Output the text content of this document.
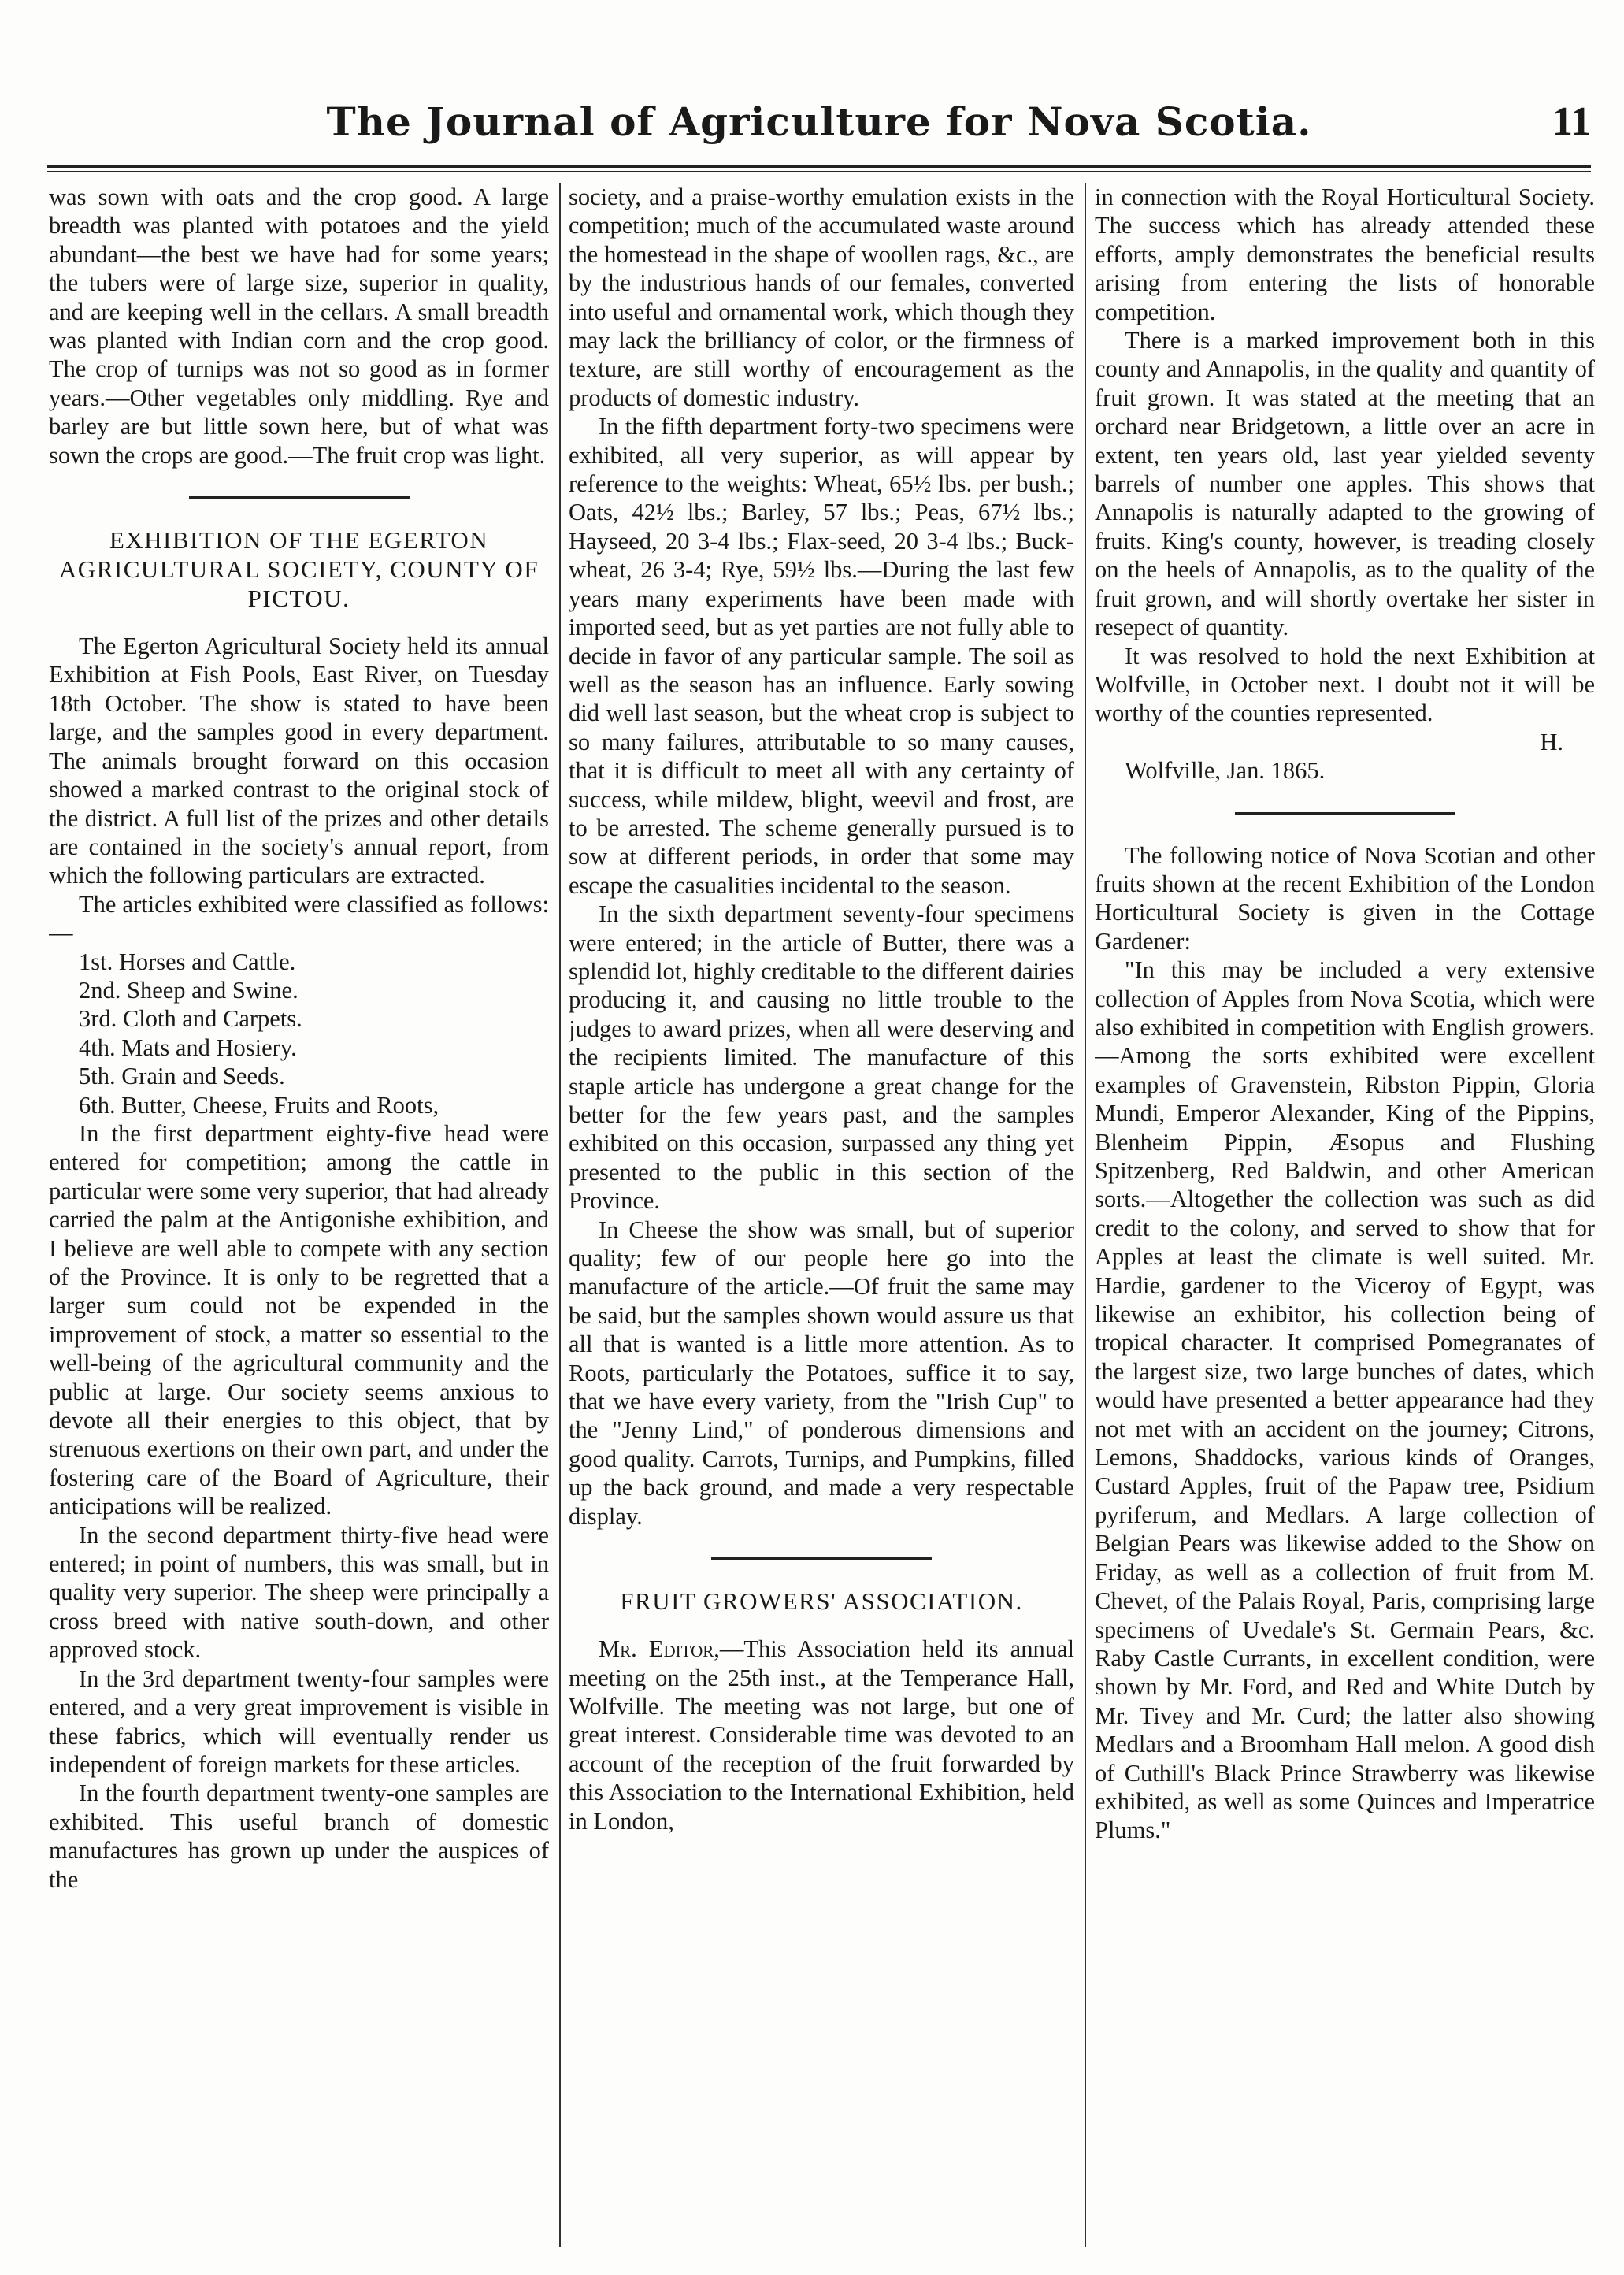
The Journal of Agriculture for Nova Scotia.	11

was sown with oats and the crop good. A large breadth was planted with potatoes and the yield abundant—the best we have had for some years; the tubers were of large size, superior in quality, and are keeping well in the cellars. A small breadth was planted with Indian corn and the crop good. The crop of turnips was not so good as in former years.—Other vegetables only middling. Rye and barley are but little sown here, but of what was sown the crops are good.—The fruit crop was light.

EXHIBITION OF THE EGERTON AGRICULTURAL SOCIETY, COUNTY OF PICTOU.

The Egerton Agricultural Society held its annual Exhibition at Fish Pools, East River, on Tuesday 18th October. The show is stated to have been large, and the samples good in every department. The animals brought forward on this occasion showed a marked contrast to the original stock of the district. A full list of the prizes and other details are contained in the society's annual report, from which the following particulars are extracted.

The articles exhibited were classified as follows:—

1st. Horses and Cattle.
2nd. Sheep and Swine.
3rd. Cloth and Carpets.
4th. Mats and Hosiery.
5th. Grain and Seeds.
6th. Butter, Cheese, Fruits and Roots,

In the first department eighty-five head were entered for competition; among the cattle in particular were some very superior, that had already carried the palm at the Antigonishe exhibition, and I believe are well able to compete with any section of the Province. It is only to be regretted that a larger sum could not be expended in the improvement of stock, a matter so essential to the well-being of the agricultural community and the public at large. Our society seems anxious to devote all their energies to this object, that by strenuous exertions on their own part, and under the fostering care of the Board of Agriculture, their anticipations will be realized.

In the second department thirty-five head were entered; in point of numbers, this was small, but in quality very superior. The sheep were principally a cross breed with native south-down, and other approved stock.

In the 3rd department twenty-four samples were entered, and a very great improvement is visible in these fabrics, which will eventually render us independent of foreign markets for these articles.

In the fourth department twenty-one samples are exhibited. This useful branch of domestic manufactures has grown up under the auspices of the

society, and a praise-worthy emulation exists in the competition; much of the accumulated waste around the homestead in the shape of woollen rags, &c., are by the industrious hands of our females, converted into useful and ornamental work, which though they may lack the brilliancy of color, or the firmness of texture, are still worthy of encouragement as the products of domestic industry.

In the fifth department forty-two specimens were exhibited, all very superior, as will appear by reference to the weights: Wheat, 65½ lbs. per bush.; Oats, 42½ lbs.; Barley, 57 lbs.; Peas, 67½ lbs.; Hayseed, 20 3-4 lbs.; Flax-seed, 20 3-4 lbs.; Buck-wheat, 26 3-4; Rye, 59½ lbs.—During the last few years many experiments have been made with imported seed, but as yet parties are not fully able to decide in favor of any particular sample. The soil as well as the season has an influence. Early sowing did well last season, but the wheat crop is subject to so many failures, attributable to so many causes, that it is difficult to meet all with any certainty of success, while mildew, blight, weevil and frost, are to be arrested. The scheme generally pursued is to sow at different periods, in order that some may escape the casualities incidental to the season.

In the sixth department seventy-four specimens were entered; in the article of Butter, there was a splendid lot, highly creditable to the different dairies producing it, and causing no little trouble to the judges to award prizes, when all were deserving and the recipients limited. The manufacture of this staple article has undergone a great change for the better for the few years past, and the samples exhibited on this occasion, surpassed any thing yet presented to the public in this section of the Province.

In Cheese the show was small, but of superior quality; few of our people here go into the manufacture of the article.—Of fruit the same may be said, but the samples shown would assure us that all that is wanted is a little more attention. As to Roots, particularly the Potatoes, suffice it to say, that we have every variety, from the "Irish Cup" to the "Jenny Lind," of ponderous dimensions and good quality. Carrots, Turnips, and Pumpkins, filled up the back ground, and made a very respectable display.

FRUIT GROWERS' ASSOCIATION.

Mr. Editor,—This Association held its annual meeting on the 25th inst., at the Temperance Hall, Wolfville. The meeting was not large, but one of great interest. Considerable time was devoted to an account of the reception of the fruit forwarded by this Association to the International Exhibition, held in London,

in connection with the Royal Horticultural Society. The success which has already attended these efforts, amply demonstrates the beneficial results arising from entering the lists of honorable competition.

There is a marked improvement both in this county and Annapolis, in the quality and quantity of fruit grown. It was stated at the meeting that an orchard near Bridgetown, a little over an acre in extent, ten years old, last year yielded seventy barrels of number one apples. This shows that Annapolis is naturally adapted to the growing of fruits. King's county, however, is treading closely on the heels of Annapolis, as to the quality of the fruit grown, and will shortly overtake her sister in resepect of quantity.

It was resolved to hold the next Exhibition at Wolfville, in October next. I doubt not it will be worthy of the counties represented.

H.

Wolfville, Jan. 1865.

The following notice of Nova Scotian and other fruits shown at the recent Exhibition of the London Horticultural Society is given in the Cottage Gardener:

"In this may be included a very extensive collection of Apples from Nova Scotia, which were also exhibited in competition with English growers.—Among the sorts exhibited were excellent examples of Gravenstein, Ribston Pippin, Gloria Mundi, Emperor Alexander, King of the Pippins, Blenheim Pippin, Æsopus and Flushing Spitzenberg, Red Baldwin, and other American sorts.—Altogether the collection was such as did credit to the colony, and served to show that for Apples at least the climate is well suited. Mr. Hardie, gardener to the Viceroy of Egypt, was likewise an exhibitor, his collection being of tropical character. It comprised Pomegranates of the largest size, two large bunches of dates, which would have presented a better appearance had they not met with an accident on the journey; Citrons, Lemons, Shaddocks, various kinds of Oranges, Custard Apples, fruit of the Papaw tree, Psidium pyriferum, and Medlars. A large collection of Belgian Pears was likewise added to the Show on Friday, as well as a collection of fruit from M. Chevet, of the Palais Royal, Paris, comprising large specimens of Uvedale's St. Germain Pears, &c. Raby Castle Currants, in excellent condition, were shown by Mr. Ford, and Red and White Dutch by Mr. Tivey and Mr. Curd; the latter also showing Medlars and a Broomham Hall melon. A good dish of Cuthill's Black Prince Strawberry was likewise exhibited, as well as some Quinces and Imperatrice Plums."
